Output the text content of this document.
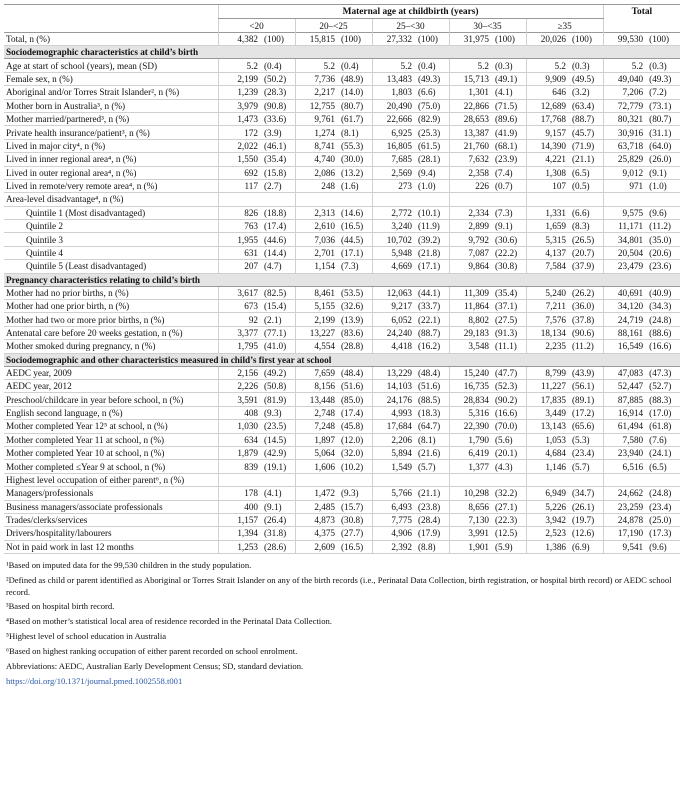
	Maternal age at childbirth (years)										Total	
	<20		20–<25		25–<30		30–<35		≥35			
Total, n (%)	4,382	(100)	15,815	(100)	27,332	(100)	31,975	(100)	20,026	(100)	99,530	(100)
Sociodemographic characteristics at child’s birth												
Age at start of school (years), mean (SD)	5.2	(0.4)	5.2	(0.4)	5.2	(0.4)	5.2	(0.3)	5.2	(0.3)	5.2	(0.3)
Female sex, n (%)	2,199	(50.2)	7,736	(48.9)	13,483	(49.3)	15,713	(49.1)	9,909	(49.5)	49,040	(49.3)
Aboriginal and/or Torres Strait Islander², n (%)	1,239	(28.3)	2,217	(14.0)	1,803	(6.6)	1,301	(4.1)	646	(3.2)	7,206	(7.2)
Mother born in Australia³, n (%)	3,979	(90.8)	12,755	(80.7)	20,490	(75.0)	22,866	(71.5)	12,689	(63.4)	72,779	(73.1)
Mother married/partnered³, n (%)	1,473	(33.6)	9,761	(61.7)	22,666	(82.9)	28,653	(89.6)	17,768	(88.7)	80,321	(80.7)
Private health insurance/patient³, n (%)	172	(3.9)	1,274	(8.1)	6,925	(25.3)	13,387	(41.9)	9,157	(45.7)	30,916	(31.1)
Lived in major city⁴, n (%)	2,022	(46.1)	8,741	(55.3)	16,805	(61.5)	21,760	(68.1)	14,390	(71.9)	63,718	(64.0)
Lived in inner regional area⁴, n (%)	1,550	(35.4)	4,740	(30.0)	7,685	(28.1)	7,632	(23.9)	4,221	(21.1)	25,829	(26.0)
Lived in outer regional area⁴, n (%)	692	(15.8)	2,086	(13.2)	2,569	(9.4)	2,358	(7.4)	1,308	(6.5)	9,012	(9.1)
Lived in remote/very remote area⁴, n (%)	117	(2.7)	248	(1.6)	273	(1.0)	226	(0.7)	107	(0.5)	971	(1.0)
Area-level disadvantage⁴, n (%)												
Quintile 1 (Most disadvantaged)	826	(18.8)	2,313	(14.6)	2,772	(10.1)	2,334	(7.3)	1,331	(6.6)	9,575	(9.6)
Quintile 2	763	(17.4)	2,610	(16.5)	3,240	(11.9)	2,899	(9.1)	1,659	(8.3)	11,171	(11.2)
Quintile 3	1,955	(44.6)	7,036	(44.5)	10,702	(39.2)	9,792	(30.6)	5,315	(26.5)	34,801	(35.0)
Quintile 4	631	(14.4)	2,701	(17.1)	5,948	(21.8)	7,087	(22.2)	4,137	(20.7)	20,504	(20.6)
Quintile 5 (Least disadvantaged)	207	(4.7)	1,154	(7.3)	4,669	(17.1)	9,864	(30.8)	7,584	(37.9)	23,479	(23.6)
Pregnancy characteristics relating to child’s birth												
Mother had no prior births, n (%)	3,617	(82.5)	8,461	(53.5)	12,063	(44.1)	11,309	(35.4)	5,240	(26.2)	40,691	(40.9)
Mother had one prior birth, n (%)	673	(15.4)	5,155	(32.6)	9,217	(33.7)	11,864	(37.1)	7,211	(36.0)	34,120	(34.3)
Mother had two or more prior births, n (%)	92	(2.1)	2,199	(13.9)	6,052	(22.1)	8,802	(27.5)	7,576	(37.8)	24,719	(24.8)
Antenatal care before 20 weeks gestation, n (%)	3,377	(77.1)	13,227	(83.6)	24,240	(88.7)	29,183	(91.3)	18,134	(90.6)	88,161	(88.6)
Mother smoked during pregnancy, n (%)	1,795	(41.0)	4,554	(28.8)	4,418	(16.2)	3,548	(11.1)	2,235	(11.2)	16,549	(16.6)
Sociodemographic and other characteristics measured in child’s first year at school												
AEDC year, 2009	2,156	(49.2)	7,659	(48.4)	13,229	(48.4)	15,240	(47.7)	8,799	(43.9)	47,083	(47.3)
AEDC year, 2012	2,226	(50.8)	8,156	(51.6)	14,103	(51.6)	16,735	(52.3)	11,227	(56.1)	52,447	(52.7)
Preschool/childcare in year before school, n (%)	3,591	(81.9)	13,448	(85.0)	24,176	(88.5)	28,834	(90.2)	17,835	(89.1)	87,885	(88.3)
English second language, n (%)	408	(9.3)	2,748	(17.4)	4,993	(18.3)	5,316	(16.6)	3,449	(17.2)	16,914	(17.0)
Mother completed Year 12⁵ at school, n (%)	1,030	(23.5)	7,248	(45.8)	17,684	(64.7)	22,390	(70.0)	13,143	(65.6)	61,494	(61.8)
Mother completed Year 11 at school, n (%)	634	(14.5)	1,897	(12.0)	2,206	(8.1)	1,790	(5.6)	1,053	(5.3)	7,580	(7.6)
Mother completed Year 10 at school, n (%)	1,879	(42.9)	5,064	(32.0)	5,894	(21.6)	6,419	(20.1)	4,684	(23.4)	23,940	(24.1)
Mother completed ≤Year 9 at school, n (%)	839	(19.1)	1,606	(10.2)	1,549	(5.7)	1,377	(4.3)	1,146	(5.7)	6,516	(6.5)
Highest level occupation of either parent⁶, n (%)												
Managers/professionals	178	(4.1)	1,472	(9.3)	5,766	(21.1)	10,298	(32.2)	6,949	(34.7)	24,662	(24.8)
Business managers/associate professionals	400	(9.1)	2,485	(15.7)	6,493	(23.8)	8,656	(27.1)	5,226	(26.1)	23,259	(23.4)
Trades/clerks/services	1,157	(26.4)	4,873	(30.8)	7,775	(28.4)	7,130	(22.3)	3,942	(19.7)	24,878	(25.0)
Drivers/hospitality/labourers	1,394	(31.8)	4,375	(27.7)	4,906	(17.9)	3,991	(12.5)	2,523	(12.6)	17,190	(17.3)
Not in paid work in last 12 months	1,253	(28.6)	2,609	(16.5)	2,392	(8.8)	1,901	(5.9)	1,386	(6.9)	9,541	(9.6)

¹Based on imputed data for the 99,530 children in the study population.

²Defined as child or parent identified as Aboriginal or Torres Strait Islander on any of the birth records (i.e., Perinatal Data Collection, birth registration, or hospital birth record) or AEDC school record.

³Based on hospital birth record.

⁴Based on mother’s statistical local area of residence recorded in the Perinatal Data Collection.

⁵Highest level of school education in Australia

⁶Based on highest ranking occupation of either parent recorded on school enrolment.

Abbreviations: AEDC, Australian Early Development Census; SD, standard deviation.

https://doi.org/10.1371/journal.pmed.1002558.t001
